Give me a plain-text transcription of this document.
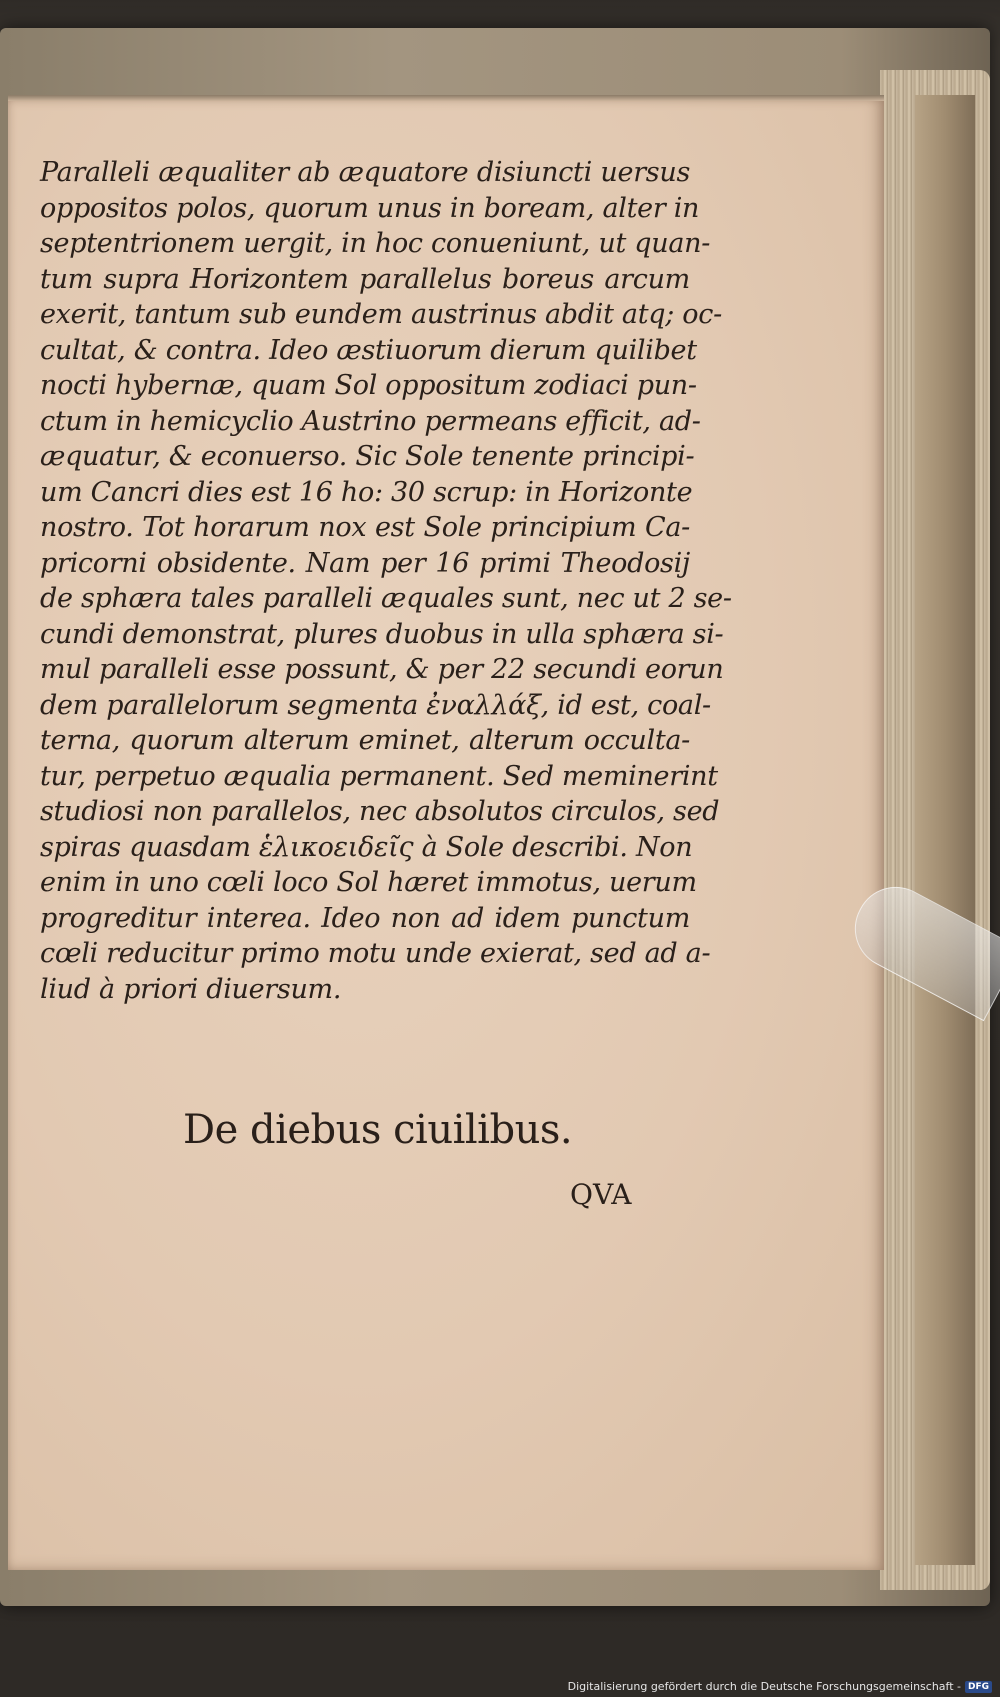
Paralleli æqualiter ab æquatore disiuncti uersus
oppositos polos, quorum unus in boream, alter in
septentrionem uergit, in hoc conueniunt, ut quan-
tum supra Horizontem parallelus boreus arcum
exerit, tantum sub eundem austrinus abdit atq; oc-
cultat, & contra. Ideo æstiuorum dierum quilibet
nocti hybernæ, quam Sol oppositum zodiaci pun-
ctum in hemicyclio Austrino permeans efficit, ad-
æquatur, & econuerso. Sic Sole tenente principi-
um Cancri dies est 16 ho: 30 scrup: in Horizonte
nostro. Tot horarum nox est Sole principium Ca-
pricorni obsidente. Nam per 16 primi Theodosij
de sphæra tales paralleli æquales sunt, nec ut 2 se-
cundi demonstrat, plures duobus in ulla sphæra si-
mul paralleli esse possunt, & per 22 secundi eorun
dem parallelorum segmenta ἐναλλάξ, id est, coal-
terna, quorum alterum eminet, alterum occulta-
tur, perpetuo æqualia permanent. Sed meminerint
studiosi non parallelos, nec absolutos circulos, sed
spiras quasdam ἑλικοειδεῖς à Sole describi. Non
enim in uno cœli loco Sol hæret immotus, uerum
progreditur interea. Ideo non ad idem punctum
cœli reducitur primo motu unde exierat, sed ad a-
liud à priori diuersum.
De diebus ciuilibus.
QVA
Digitalisierung gefördert durch die Deutsche Forschungsgemeinschaft - DFG
